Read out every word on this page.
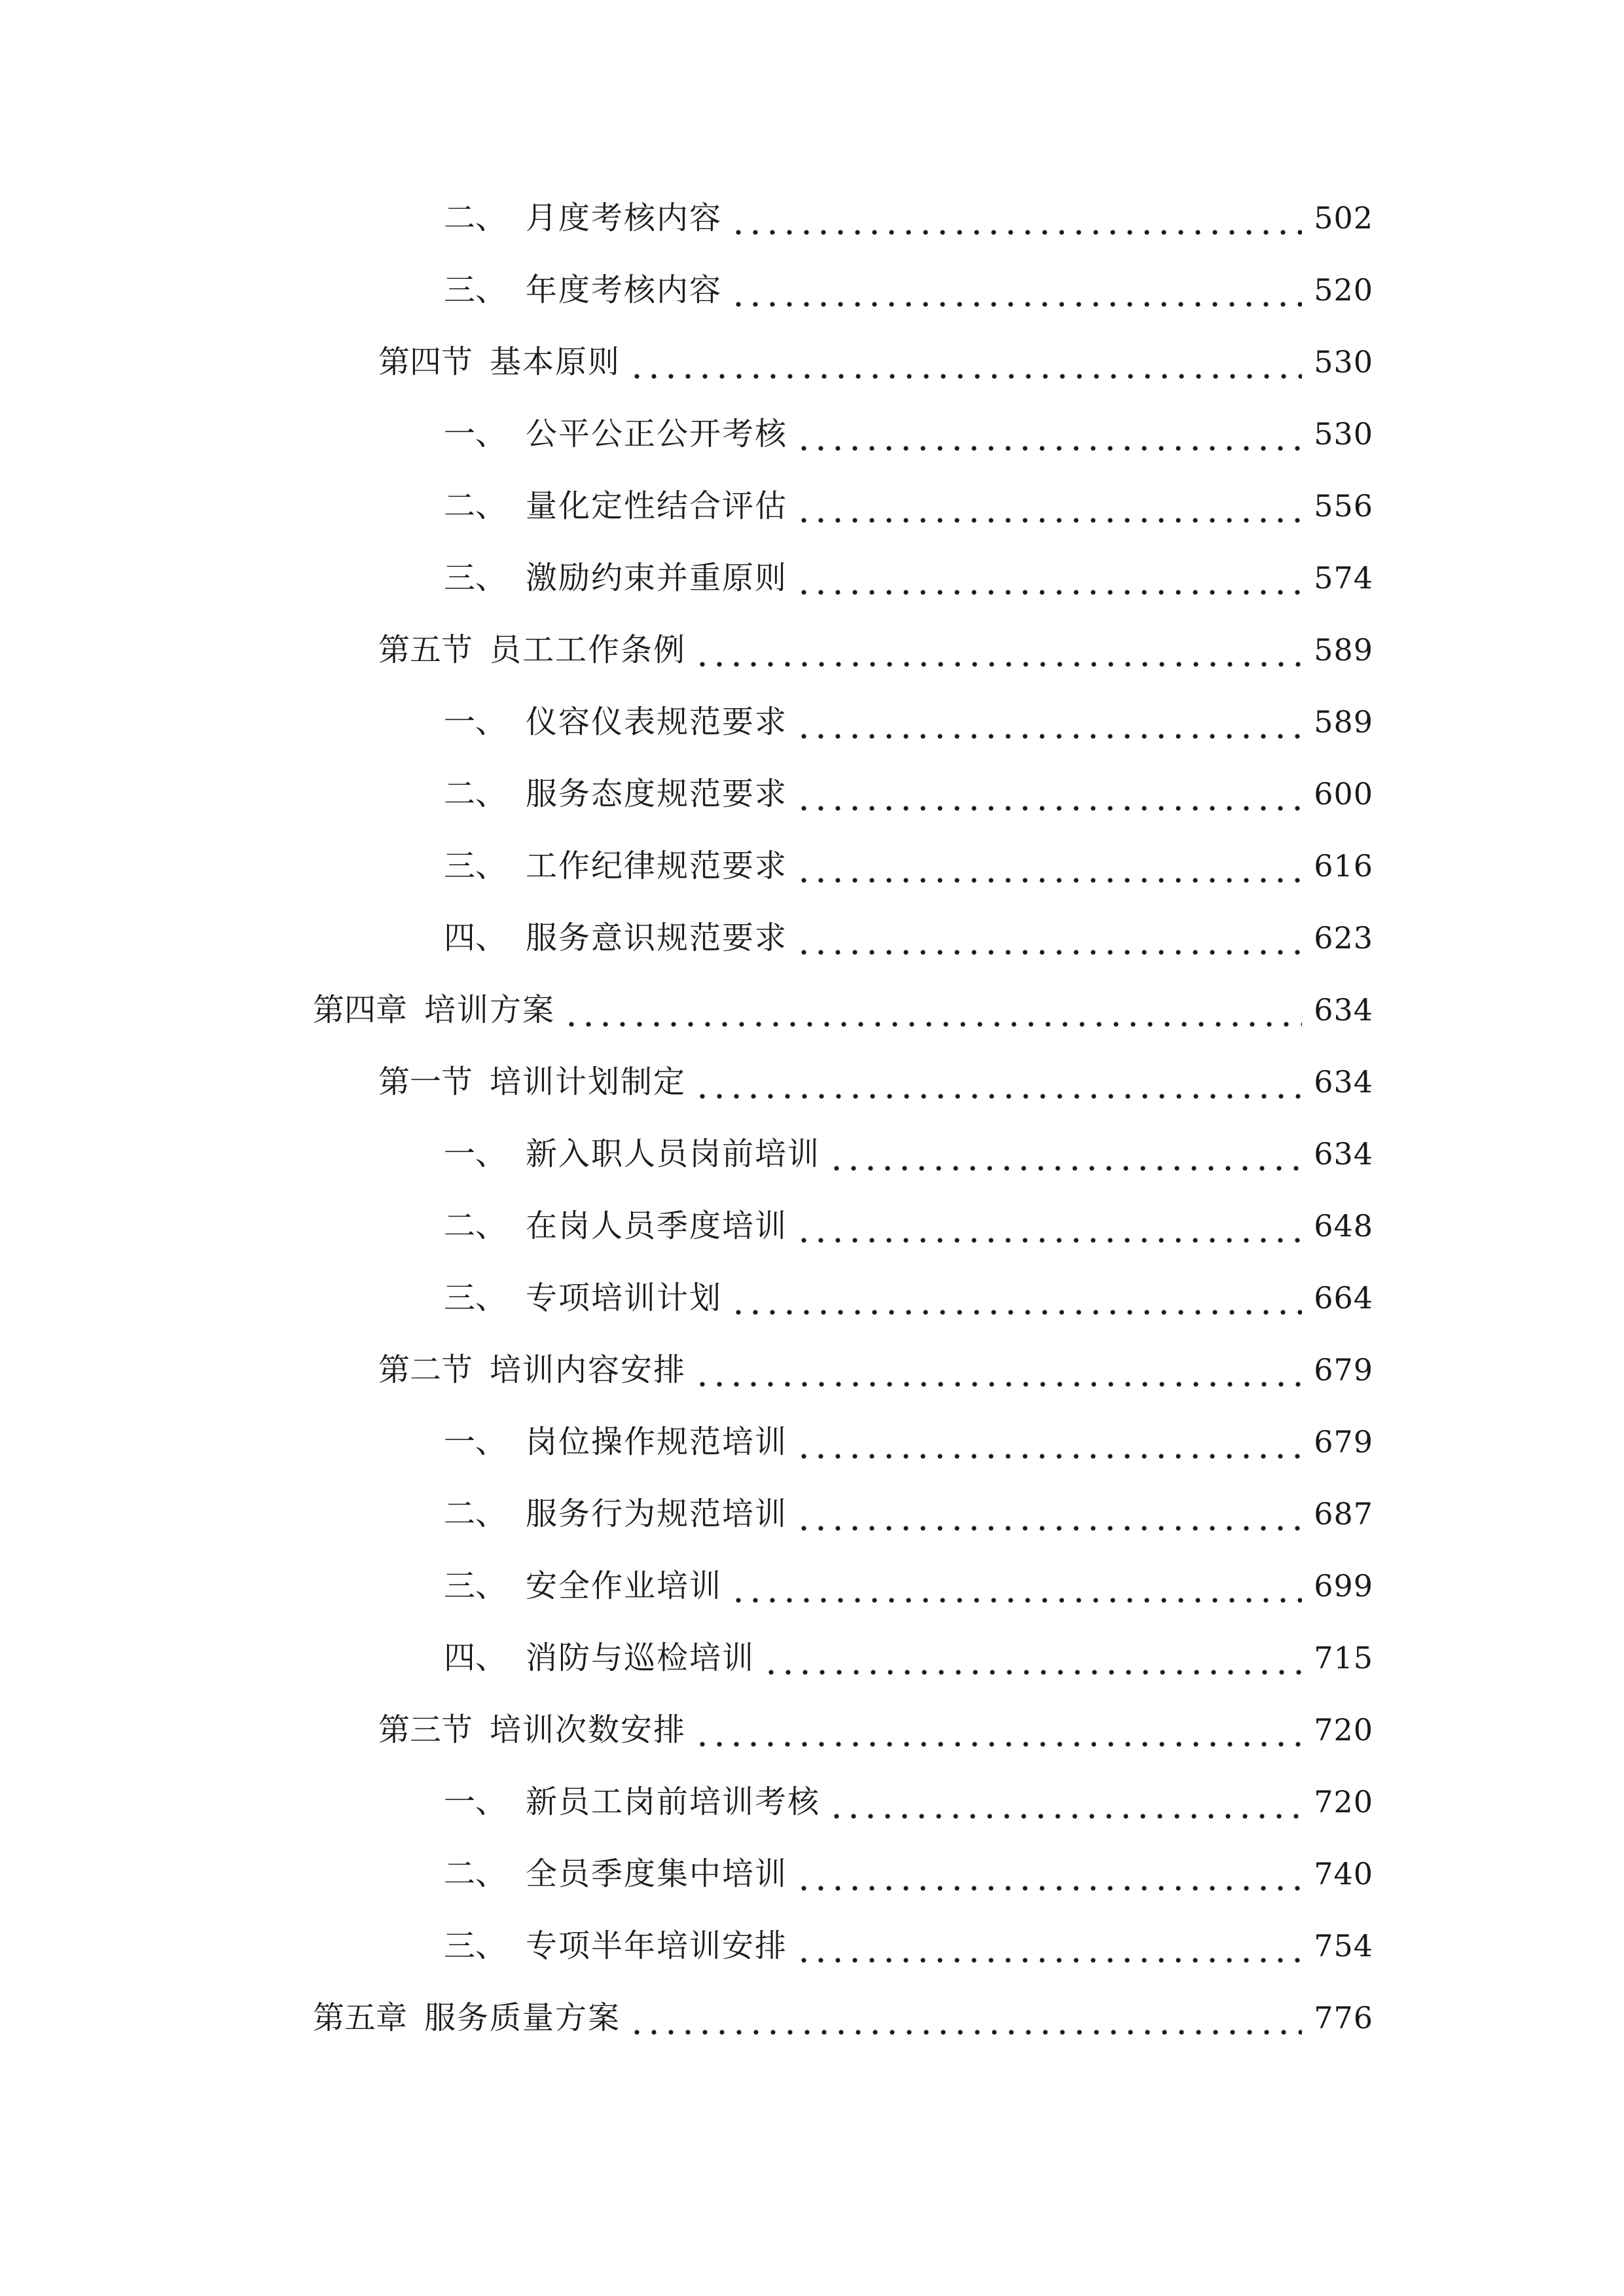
二、 月度考核内容	502
三、 年度考核内容	520
第四节 基本原则	530
一、 公平公正公开考核	530
二、 量化定性结合评估	556
三、 激励约束并重原则	574
第五节 员工工作条例	589
一、 仪容仪表规范要求	589
二、 服务态度规范要求	600
三、 工作纪律规范要求	616
四、 服务意识规范要求	623
第四章 培训方案	634
第一节 培训计划制定	634
一、 新入职人员岗前培训	634
二、 在岗人员季度培训	648
三、 专项培训计划	664
第二节 培训内容安排	679
一、 岗位操作规范培训	679
二、 服务行为规范培训	687
三、 安全作业培训	699
四、 消防与巡检培训	715
第三节 培训次数安排	720
一、 新员工岗前培训考核	720
二、 全员季度集中培训	740
三、 专项半年培训安排	754
第五章 服务质量方案	776
